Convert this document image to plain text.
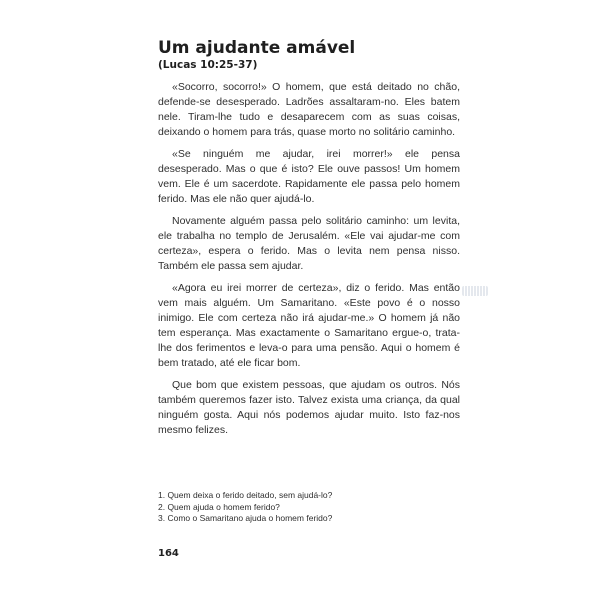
Um ajudante amável

(Lucas 10:25-37)

«Socorro, socorro!» O homem, que está deitado no chão, defende-se desesperado. Ladrões assaltaram-no. Eles batem nele. Tiram-lhe tudo e desaparecem com as suas coisas, deixando o homem para trás, quase morto no solitário caminho.

«Se ninguém me ajudar, irei morrer!» ele pensa desesperado. Mas o que é isto? Ele ouve passos! Um homem vem. Ele é um sacerdote. Rapidamente ele passa pelo homem ferido. Mas ele não quer ajudá-lo.

Novamente alguém passa pelo solitário caminho: um levita, ele trabalha no templo de Jerusalém. «Ele vai ajudar-me com certeza», espera o ferido. Mas o levita nem pensa nisso. Também ele passa sem ajudar.

«Agora eu irei morrer de certeza», diz o ferido. Mas então vem mais alguém. Um Samaritano. «Este povo é o nosso inimigo. Ele com certeza não irá ajudar-me.» O homem já não tem esperança. Mas exactamente o Samaritano ergue-o, trata-lhe dos ferimentos e leva-o para uma pensão. Aqui o homem é bem tratado, até ele ficar bom.

Que bom que existem pessoas, que ajudam os outros. Nós também queremos fazer isto. Talvez exista uma criança, da qual ninguém gosta. Aqui nós podemos ajudar muito. Isto faz-nos mesmo felizes.

1. Quem deixa o ferido deitado, sem ajudá-lo?
2. Quem ajuda o homem ferido?
3. Como o Samaritano ajuda o homem ferido?

164
